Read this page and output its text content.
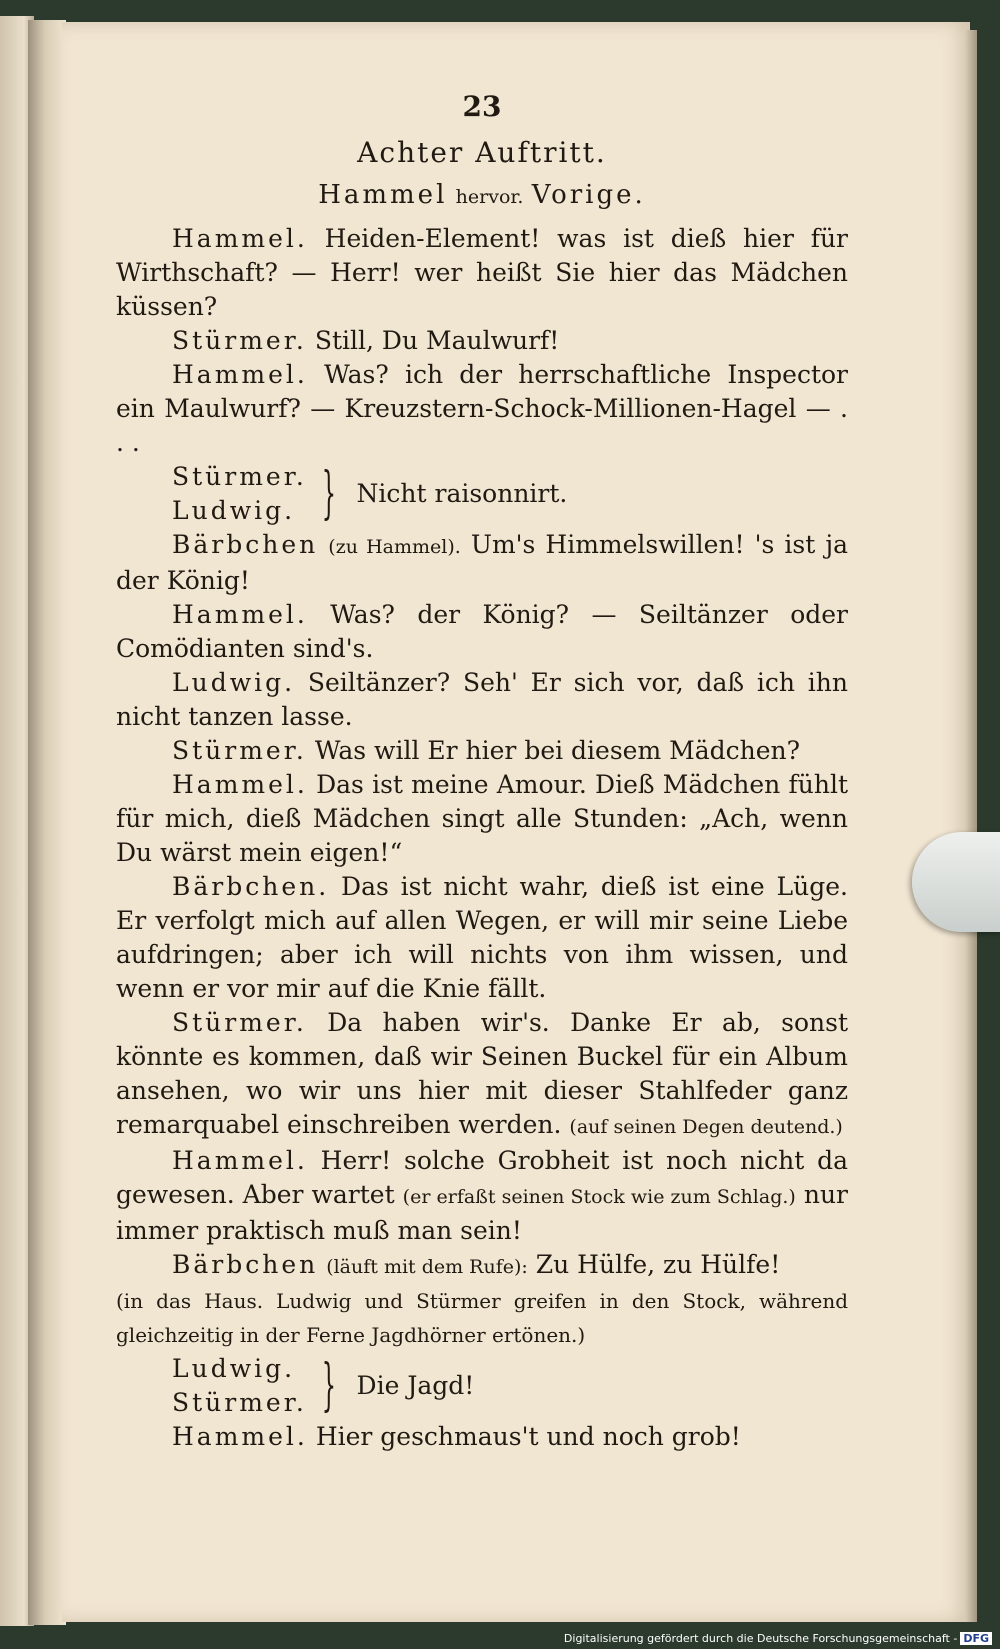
23
Achter Auftritt.
Hammel hervor. Vorige.

Hammel. Heiden-Element! was ist dieß hier für Wirthschaft? — Herr! wer heißt Sie hier das Mädchen küssen?

Stürmer. Still, Du Maulwurf!

Hammel. Was? ich der herrschaftliche Inspector ein Maulwurf? — Kreuzstern-Schock-Millionen-Hagel — . . .

Stürmer.
Ludwig. } Nicht raisonnirt.

Bärbchen (zu Hammel). Um's Himmelswillen! 's ist ja der König!

Hammel. Was? der König? — Seiltänzer oder Comödianten sind's.

Ludwig. Seiltänzer? Seh' Er sich vor, daß ich ihn nicht tanzen lasse.

Stürmer. Was will Er hier bei diesem Mädchen?

Hammel. Das ist meine Amour. Dieß Mädchen fühlt für mich, dieß Mädchen singt alle Stunden: „Ach, wenn Du wärst mein eigen!“

Bärbchen. Das ist nicht wahr, dieß ist eine Lüge. Er verfolgt mich auf allen Wegen, er will mir seine Liebe aufdringen; aber ich will nichts von ihm wissen, und wenn er vor mir auf die Knie fällt.

Stürmer. Da haben wir's. Danke Er ab, sonst könnte es kommen, daß wir Seinen Buckel für ein Album ansehen, wo wir uns hier mit dieser Stahlfeder ganz remarquabel einschreiben werden. (auf seinen Degen deutend.)

Hammel. Herr! solche Grobheit ist noch nicht da gewesen. Aber wartet (er erfaßt seinen Stock wie zum Schlag.) nur immer praktisch muß man sein!

Bärbchen (läuft mit dem Rufe): Zu Hülfe, zu Hülfe!

(in das Haus. Ludwig und Stürmer greifen in den Stock, während gleichzeitig in der Ferne Jagdhörner ertönen.)

Ludwig.
Stürmer. } Die Jagd!

Hammel. Hier geschmaus't und noch grob!

Digitalisierung gefördert durch die Deutsche Forschungsgemeinschaft - DFG
